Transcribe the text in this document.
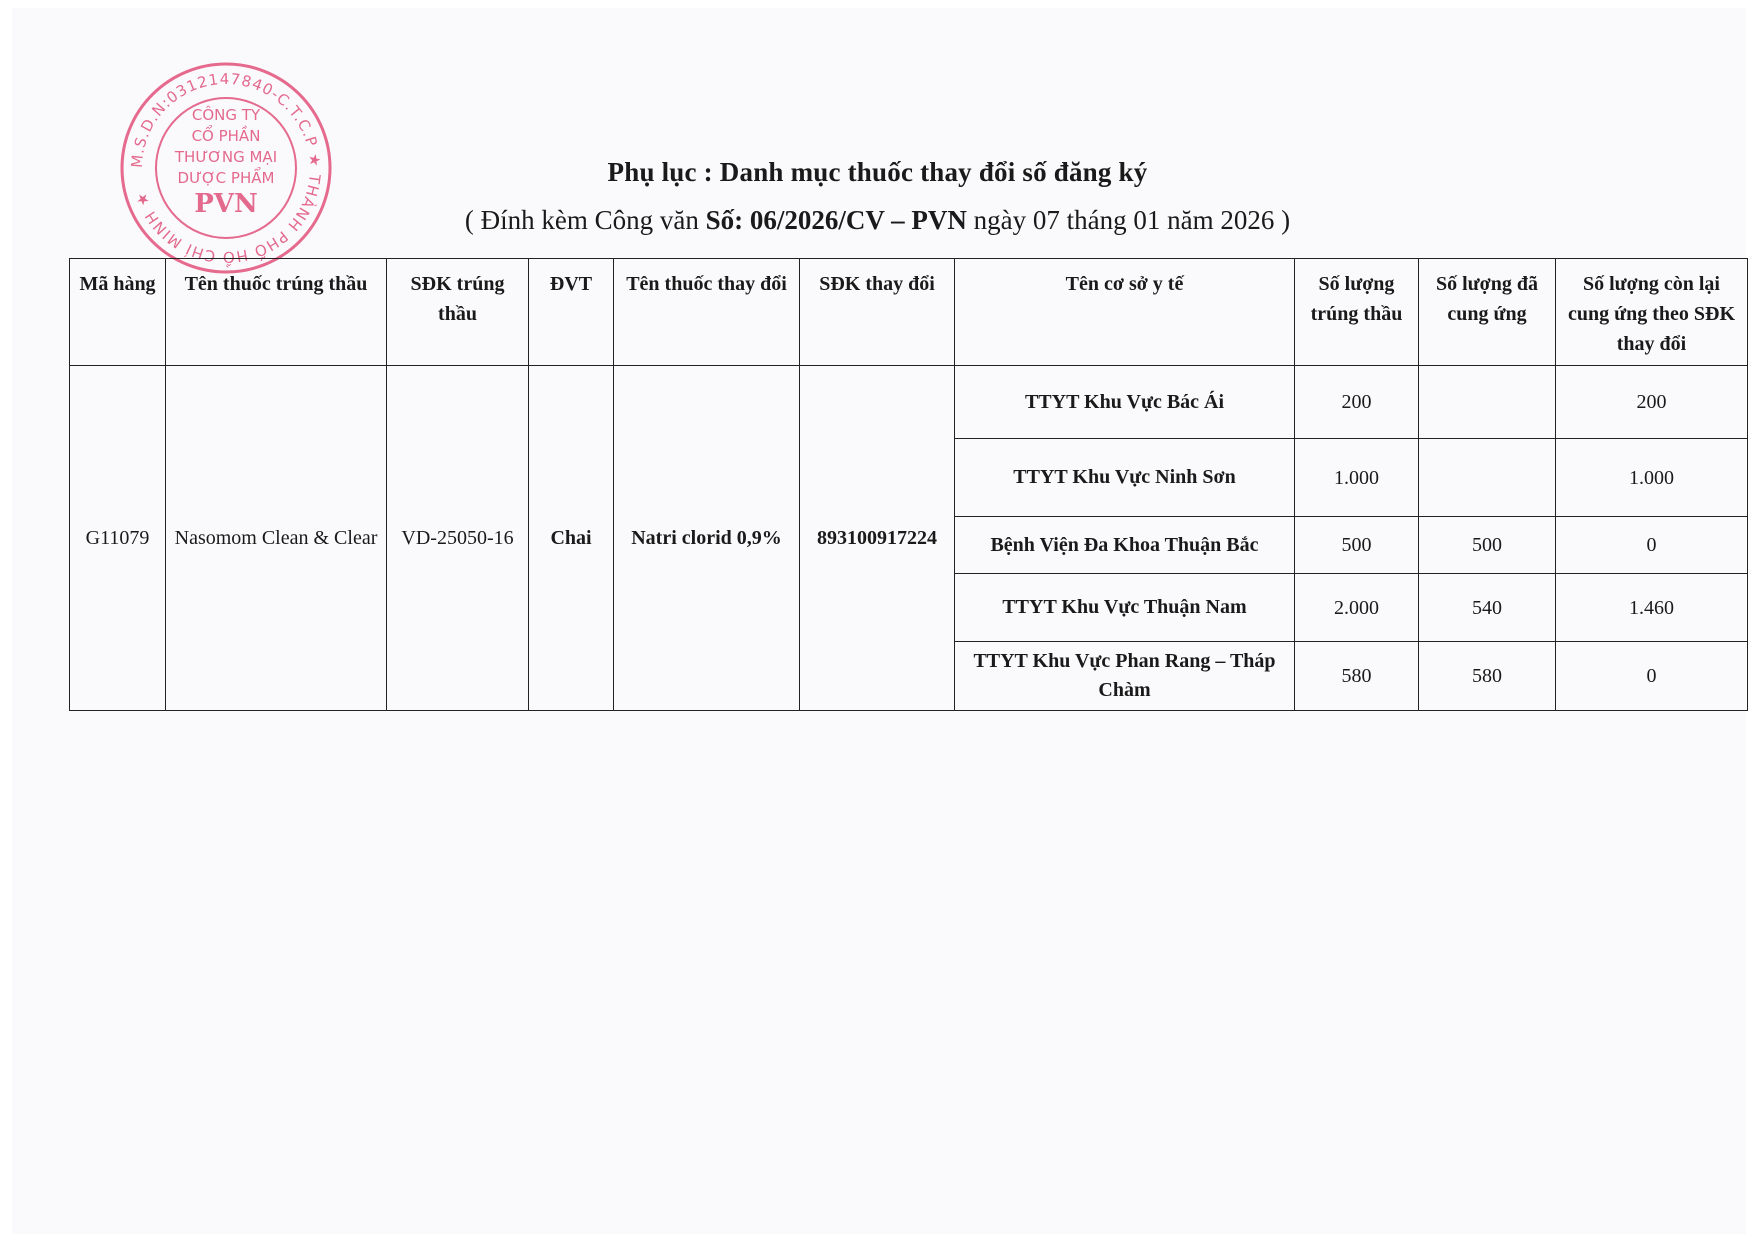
M.S.D.N:0312147840-C.T.C.P ★ THÀNH PHỐ HỒ CHÍ MINH ★
CÔNG TY
CỔ PHẦN
THƯƠNG MẠI
DƯỢC PHẨM
PVN
Phụ lục : Danh mục thuốc thay đổi số đăng ký
( Đính kèm Công văn Số: 06/2026/CV – PVN ngày 07 tháng 01 năm 2026 )
Mã hàng	Tên thuốc trúng thầu	SĐK trúng thầu	ĐVT	Tên thuốc thay đổi	SĐK thay đổi	Tên cơ sở y tế	Số lượng trúng thầu	Số lượng đã cung ứng	Số lượng còn lại cung ứng theo SĐK thay đổi
G11079	Nasomom Clean & Clear	VD-25050-16	Chai	Natri clorid 0,9%	893100917224	TTYT Khu Vực Bác Ái	200		200
						TTYT Khu Vực Ninh Sơn	1.000		1.000
						Bệnh Viện Đa Khoa Thuận Bắc	500	500	0
						TTYT Khu Vực Thuận Nam	2.000	540	1.460
						TTYT Khu Vực Phan Rang – Tháp Chàm	580	580	0
